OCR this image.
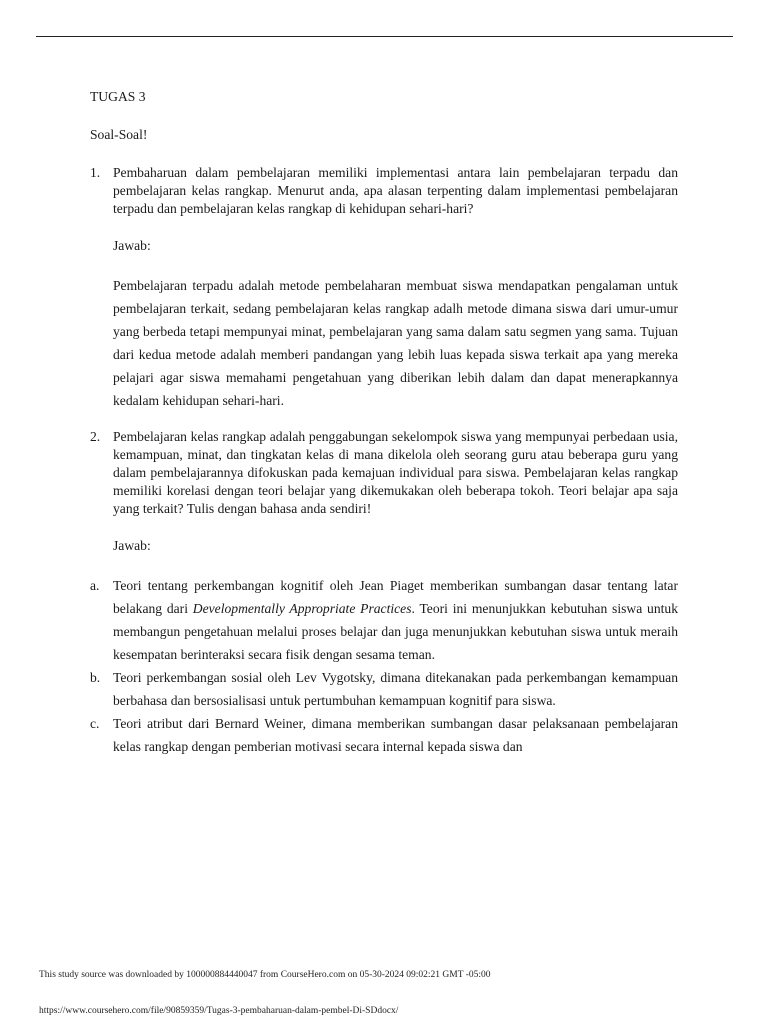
TUGAS 3

Soal-Soal!

1. Pembaharuan dalam pembelajaran memiliki implementasi antara lain pembelajaran terpadu dan pembelajaran kelas rangkap. Menurut anda, apa alasan terpenting dalam implementasi pembelajaran terpadu dan pembelajaran kelas rangkap di kehidupan sehari-hari?

Jawab:

Pembelajaran terpadu adalah metode pembelaharan membuat siswa mendapatkan pengalaman untuk pembelajaran terkait, sedang pembelajaran kelas rangkap adalh metode dimana siswa dari umur-umur yang berbeda tetapi mempunyai minat, pembelajaran yang sama dalam satu segmen yang sama. Tujuan dari kedua metode adalah memberi pandangan yang lebih luas kepada siswa terkait apa yang mereka pelajari agar siswa memahami pengetahuan yang diberikan lebih dalam dan dapat menerapkannya kedalam kehidupan sehari-hari.

2. Pembelajaran kelas rangkap adalah penggabungan sekelompok siswa yang mempunyai perbedaan usia, kemampuan, minat, dan tingkatan kelas di mana dikelola oleh seorang guru atau beberapa guru yang dalam pembelajarannya difokuskan pada kemajuan individual para siswa. Pembelajaran kelas rangkap memiliki korelasi dengan teori belajar yang dikemukakan oleh beberapa tokoh. Teori belajar apa saja yang terkait? Tulis dengan bahasa anda sendiri!

Jawab:

a. Teori tentang perkembangan kognitif oleh Jean Piaget memberikan sumbangan dasar tentang latar belakang dari Developmentally Appropriate Practices. Teori ini menunjukkan kebutuhan siswa untuk membangun pengetahuan melalui proses belajar dan juga menunjukkan kebutuhan siswa untuk meraih kesempatan berinteraksi secara fisik dengan sesama teman.
b. Teori perkembangan sosial oleh Lev Vygotsky, dimana ditekanakan pada perkembangan kemampuan berbahasa dan bersosialisasi untuk pertumbuhan kemampuan kognitif para siswa.
c. Teori atribut dari Bernard Weiner, dimana memberikan sumbangan dasar pelaksanaan pembelajaran kelas rangkap dengan pemberian motivasi secara internal kepada siswa dan
This study source was downloaded by 100000884440047 from CourseHero.com on 05-30-2024 09:02:21 GMT -05:00
https://www.coursehero.com/file/90859359/Tugas-3-pembaharuan-dalam-pembel-Di-SDdocx/
